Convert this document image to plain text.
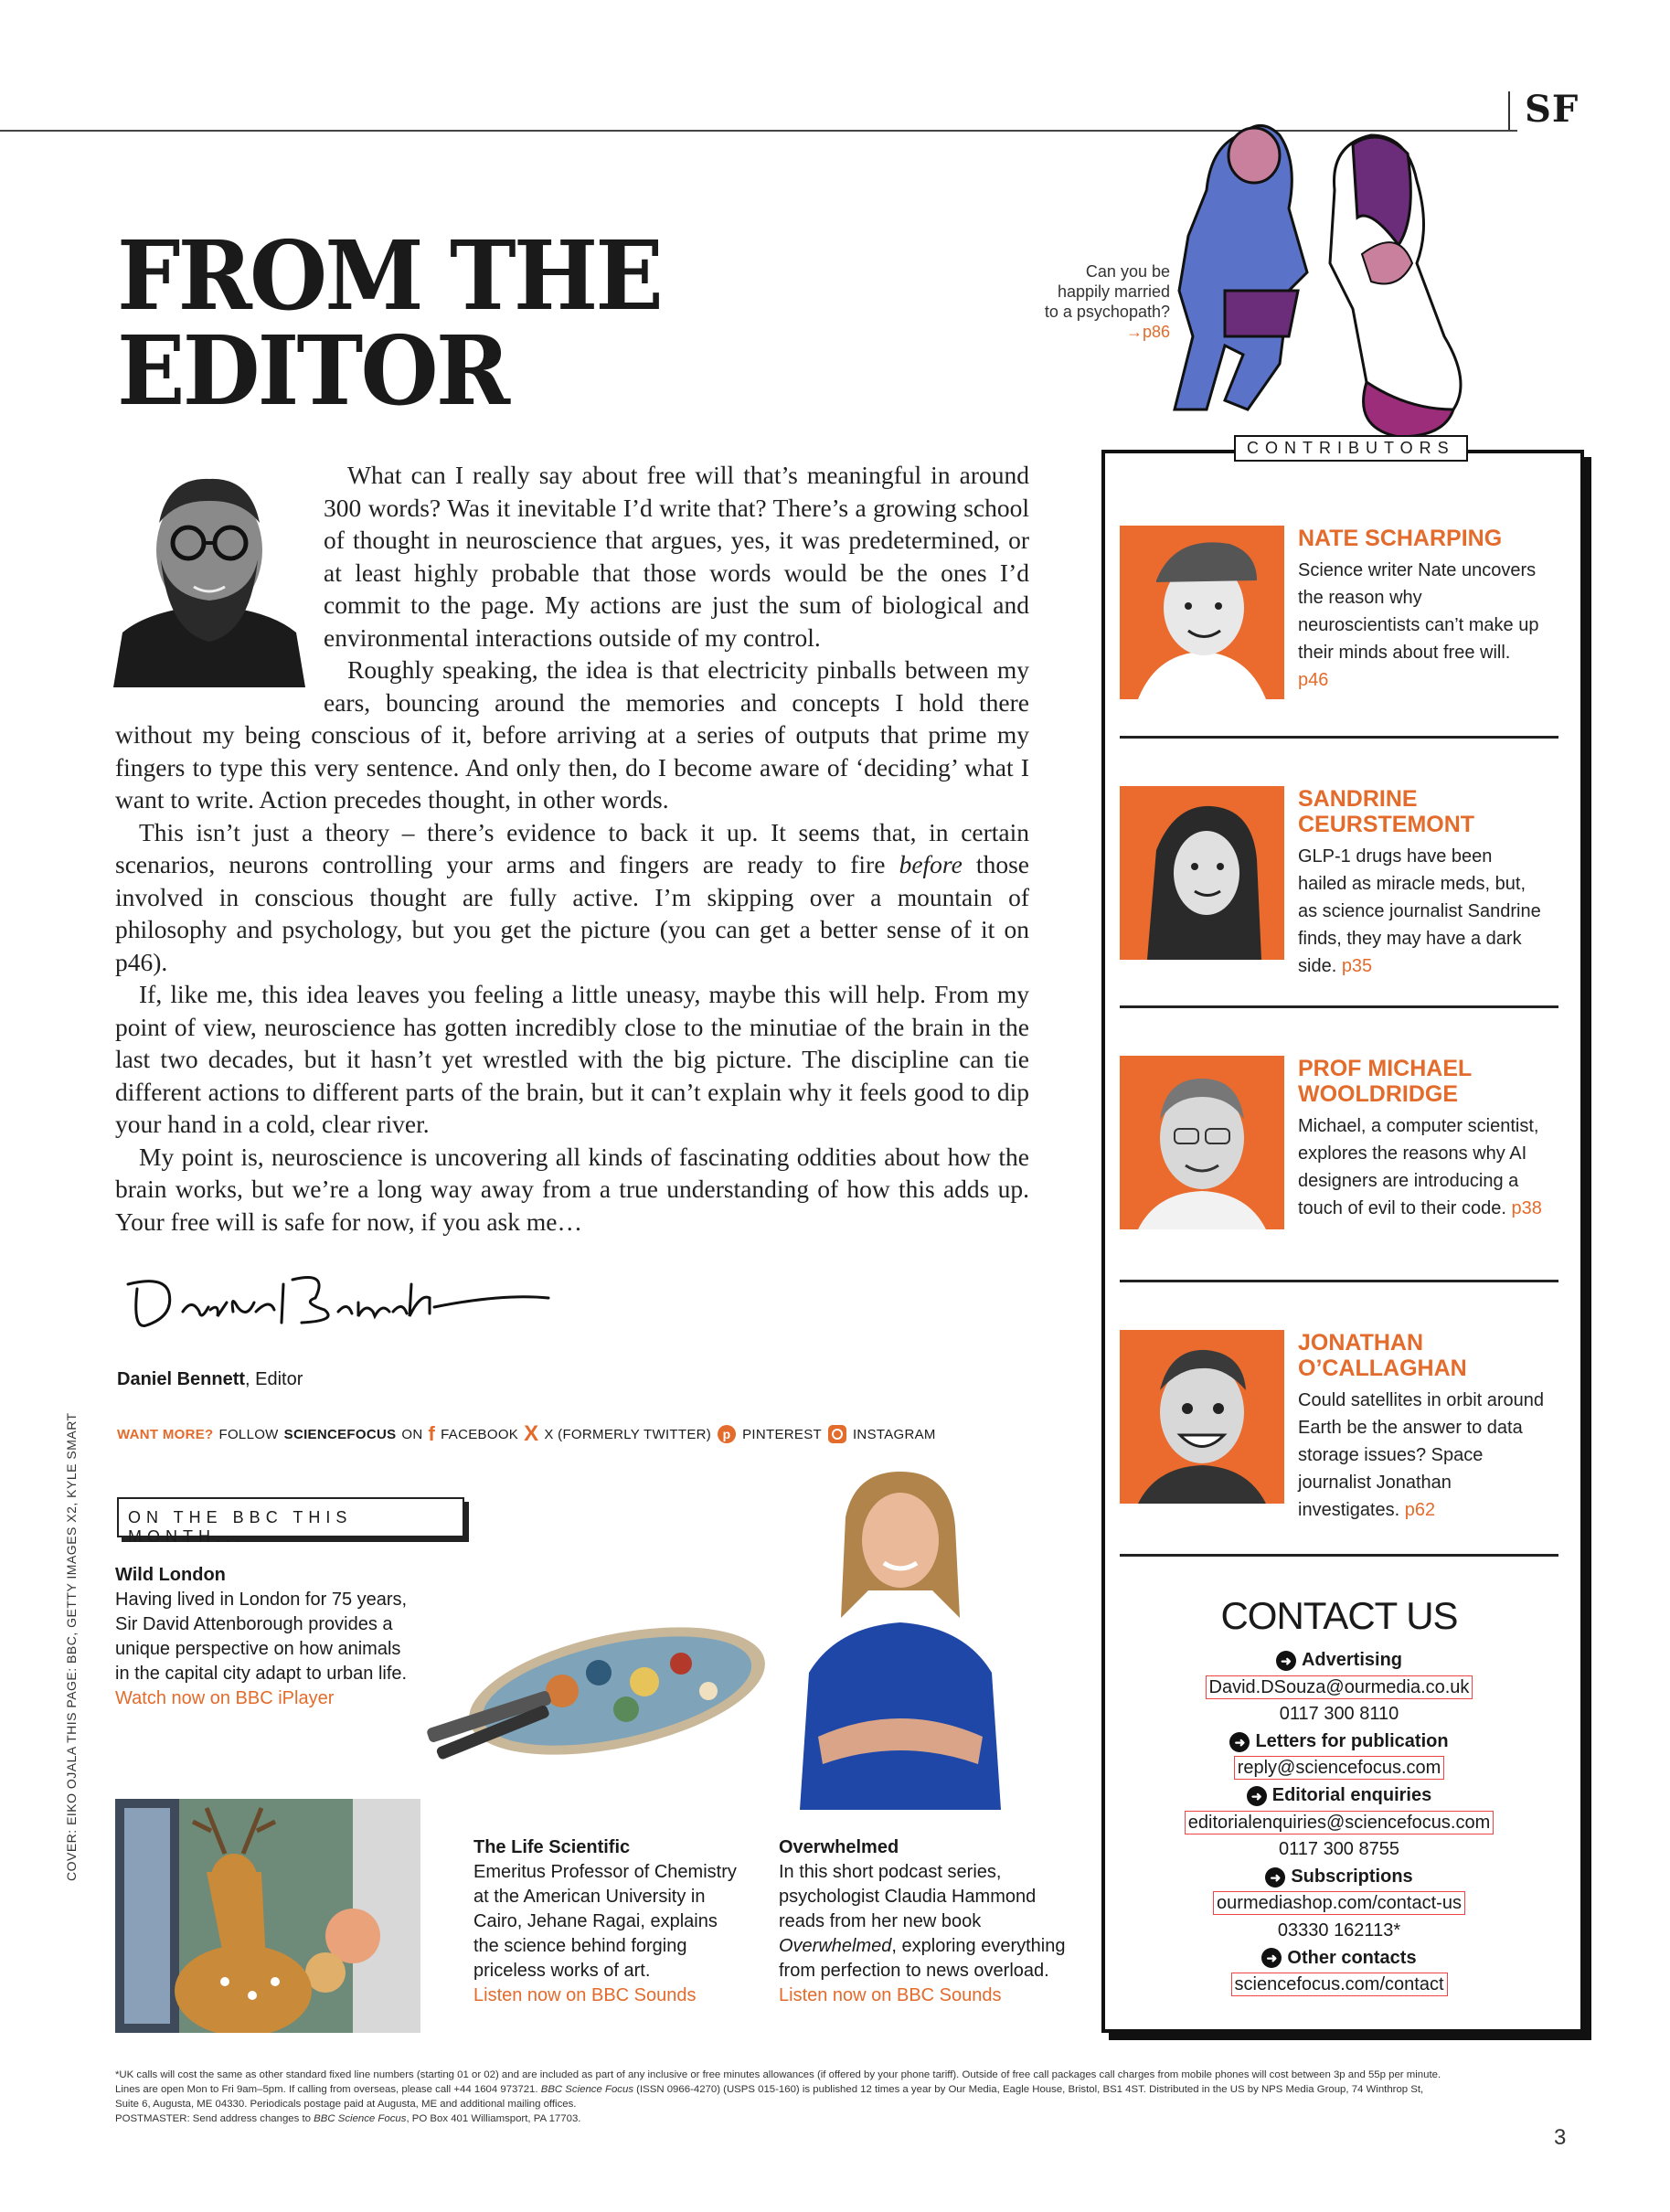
SF
FROM THE
EDITOR
Can you be
happily married
to a psychopath?
→p86

What can I really say about free will that’s meaningful in around 300 words? Was it inevitable I’d write that? There’s a growing school of thought in neuroscience that argues, yes, it was predetermined, or at least highly probable that those words would be the ones I’d commit to the page. My actions are just the sum of biological and environmental interactions outside of my control.

Roughly speaking, the idea is that electricity pinballs between my ears, bouncing around the memories and concepts I hold there without my being conscious of it, before arriving at a series of outputs that prime my fingers to type this very sentence. And only then, do I become aware of ‘deciding’ what I want to write. Action precedes thought, in other words.

This isn’t just a theory – there’s evidence to back it up. It seems that, in certain scenarios, neurons controlling your arms and fingers are ready to fire before those involved in conscious thought are fully active. I’m skipping over a mountain of philosophy and psychology, but you get the picture (you can get a better sense of it on p46).

If, like me, this idea leaves you feeling a little uneasy, maybe this will help. From my point of view, neuroscience has gotten incredibly close to the minutiae of the brain in the last two decades, but it hasn’t yet wrestled with the big picture. The discipline can tie different actions to different parts of the brain, but it can’t explain why it feels good to dip your hand in a cold, clear river.

My point is, neuroscience is uncovering all kinds of fascinating oddities about how the brain works, but we’re a long way away from a true understanding of how this adds up. Your free will is safe for now, if you ask me…

Daniel Bennett, Editor
WANT MORE? FOLLOW SCIENCEFOCUS ON f FACEBOOK X X (FORMERLY TWITTER) p PINTEREST INSTAGRAM
COVER: EIKO OJALA THIS PAGE: BBC, GETTY IMAGES X2, KYLE SMART	ON THE BBC THIS MONTH...
Wild London
Having lived in London for 75 years, Sir David Attenborough provides a unique perspective on how animals in the capital city adapt to urban life.
Watch now on BBC iPlayer
The Life Scientific
Emeritus Professor of Chemistry at the American University in Cairo, Jehane Ragai, explains the science behind forging priceless works of art.
Listen now on BBC Sounds
Overwhelmed
In this short podcast series, psychologist Claudia Hammond reads from her new book Overwhelmed, exploring everything from perfection to news overload.
Listen now on BBC Sounds
CONTRIBUTORS
NATE SCHARPING
Science writer Nate uncovers the reason why neuroscientists can’t make up their minds about free will. p46
SANDRINE CEURSTEMONT
GLP-1 drugs have been hailed as miracle meds, but, as science journalist Sandrine finds, they may have a dark side. p35
PROF MICHAEL WOOLDRIDGE
Michael, a computer scientist, explores the reasons why AI designers are introducing a touch of evil to their code. p38
JONATHAN O’CALLAGHAN
Could satellites in orbit around Earth be the answer to data storage issues? Space journalist Jonathan investigates. p62
CONTACT US
➜ Advertising
David.DSouza@ourmedia.co.uk
0117 300 8110
➜ Letters for publication
reply@sciencefocus.com
➜ Editorial enquiries
editorialenquiries@sciencefocus.com
0117 300 8755
➜ Subscriptions
ourmediashop.com/contact-us
03330 162113*
➜ Other contacts
sciencefocus.com/contact
*UK calls will cost the same as other standard fixed line numbers (starting 01 or 02) and are included as part of any inclusive or free minutes allowances (if offered by your phone tariff). Outside of free call packages call charges from mobile phones will cost between 3p and 55p per minute. Lines are open Mon to Fri 9am–5pm. If calling from overseas, please call +44 1604 973721. BBC Science Focus (ISSN 0966-4270) (USPS 015-160) is published 12 times a year by Our Media, Eagle House, Bristol, BS1 4ST. Distributed in the US by NPS Media Group, 74 Winthrop St, Suite 6, Augusta, ME 04330. Periodicals postage paid at Augusta, ME and additional mailing offices.
POSTMASTER: Send address changes to BBC Science Focus, PO Box 401 Williamsport, PA 17703.
3
